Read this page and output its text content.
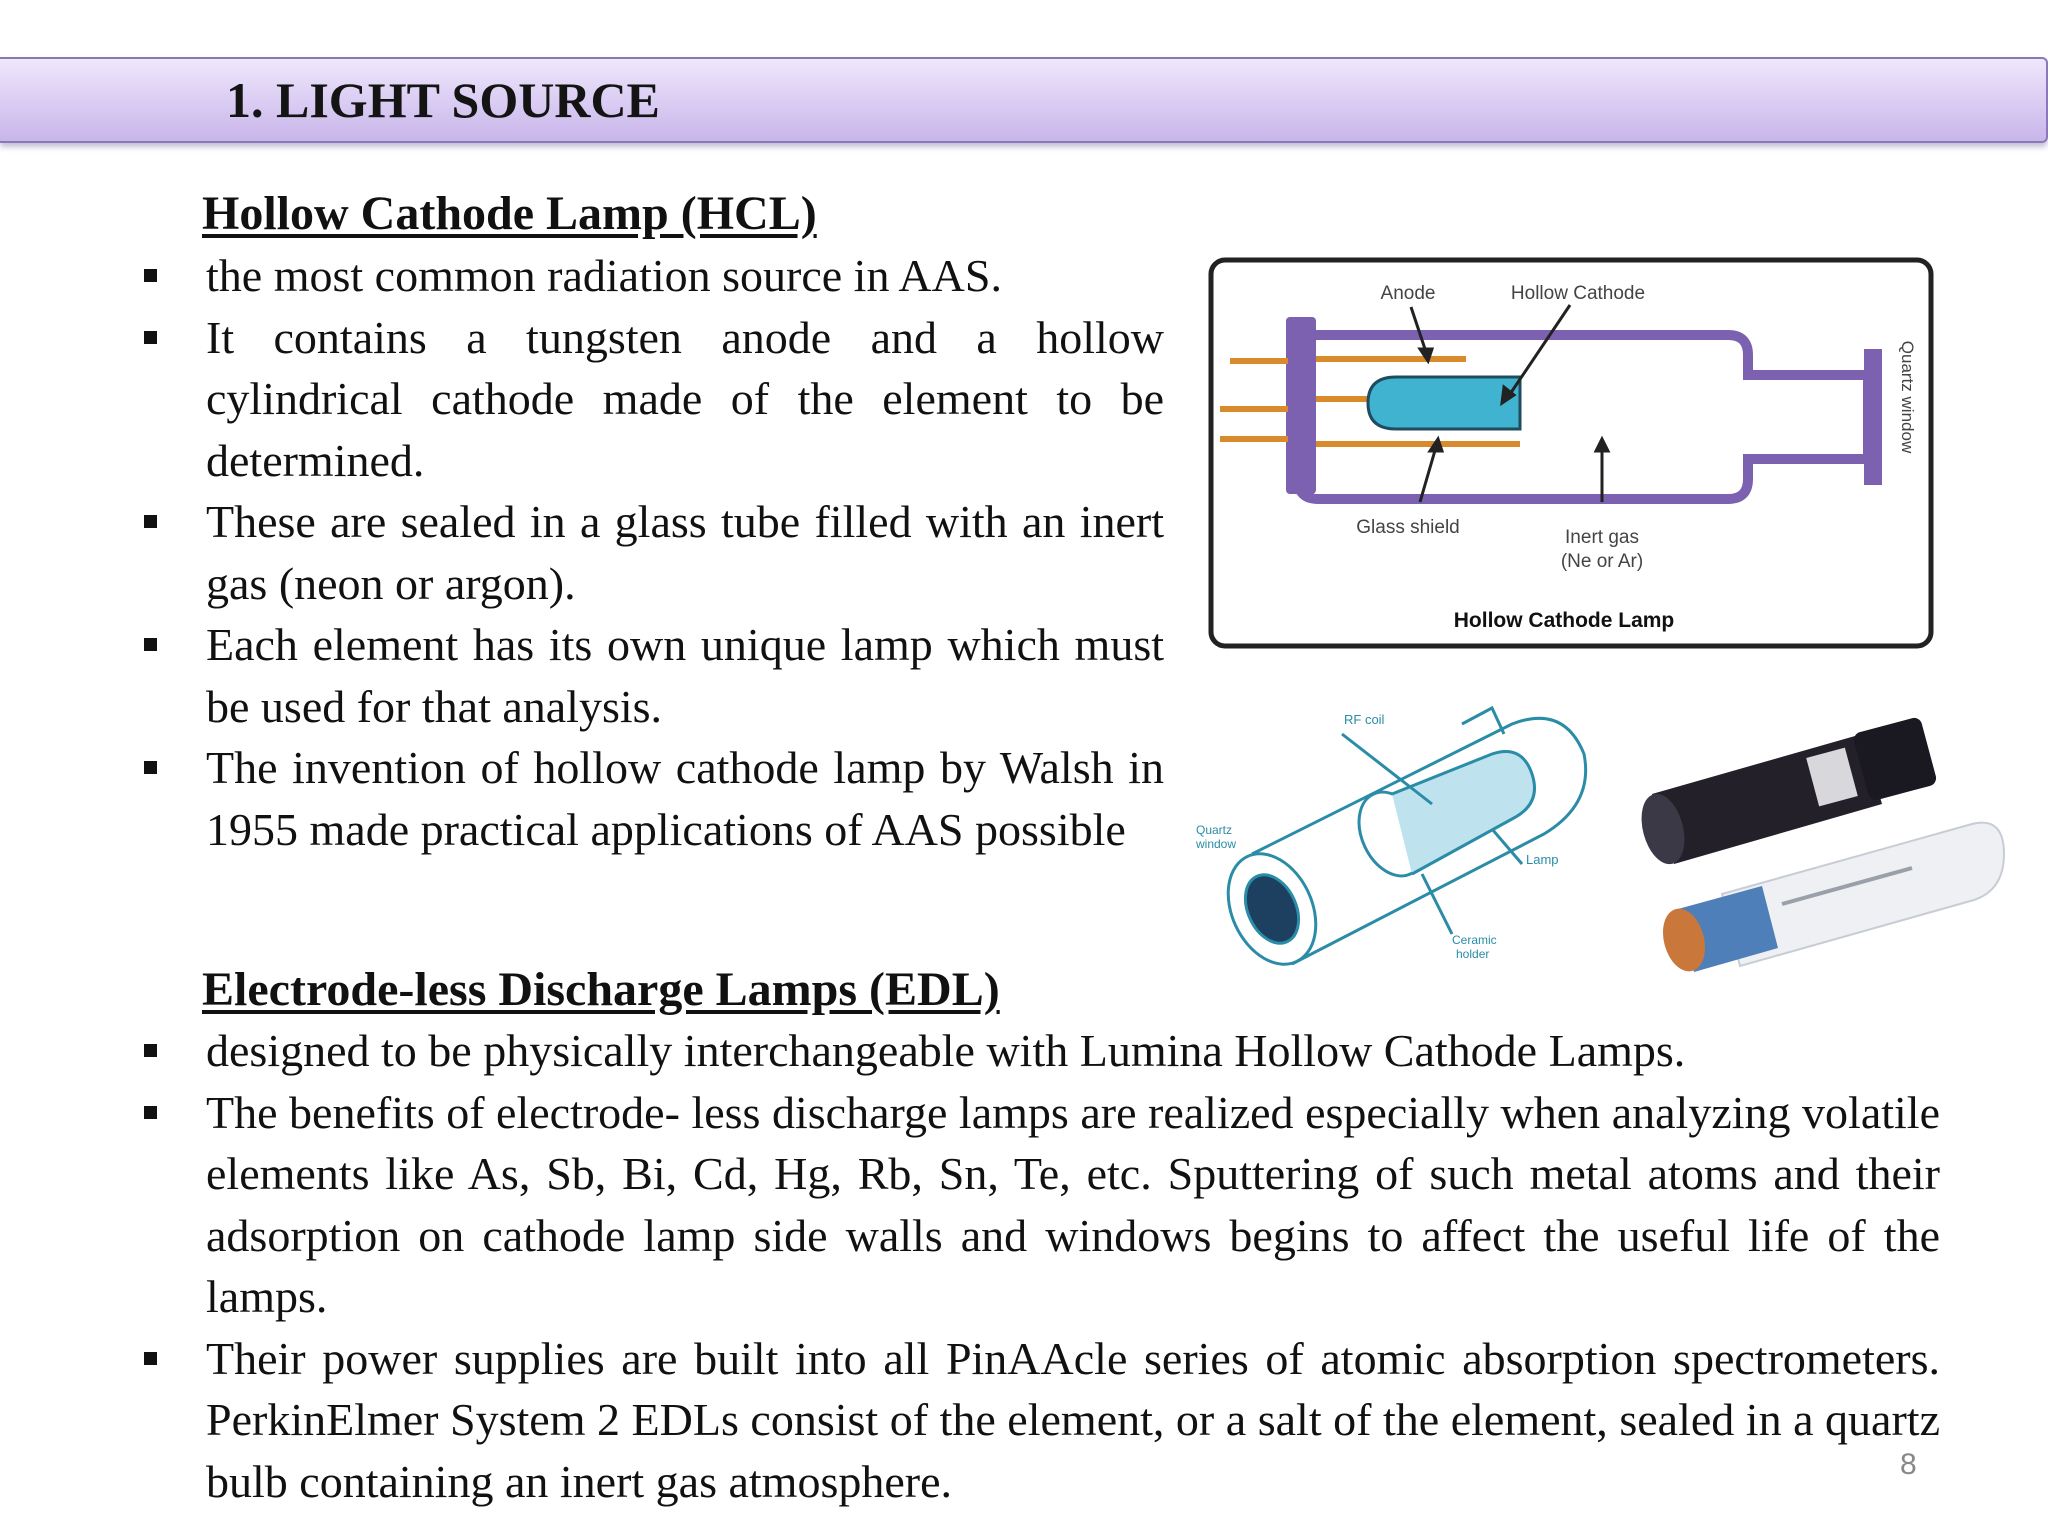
1. LIGHT SOURCE
Hollow Cathode Lamp (HCL)
the most common radiation source in AAS.
It contains a tungsten anode and a hollow cylindrical cathode made of the element to be determined.
These are sealed in a glass tube filled with an inert gas (neon or argon).
Each element has its own unique lamp which must be used for that analysis.
The invention of hollow cathode lamp by Walsh in 1955 made practical applications of AAS possible
Anode	Hollow Cathode
Glass shield	Inert gas
(Ne or Ar)
Quartz window
Hollow Cathode Lamp
RF coil
Quartz
window
Lamp
Ceramic
holder
Electrode-less Discharge Lamps (EDL)
designed to be physically interchangeable with Lumina Hollow Cathode Lamps.
The benefits of electrode- less discharge lamps are realized especially when analyzing volatile elements like As, Sb, Bi, Cd, Hg, Rb, Sn, Te, etc. Sputtering of such metal atoms and their adsorption on cathode lamp side walls and windows begins to affect the useful life of the lamps.
Their power supplies are built into all PinAAcle series of atomic absorption spectrometers. PerkinElmer System 2 EDLs consist of the element, or a salt of the element, sealed in a quartz bulb containing an inert gas atmosphere.	8
